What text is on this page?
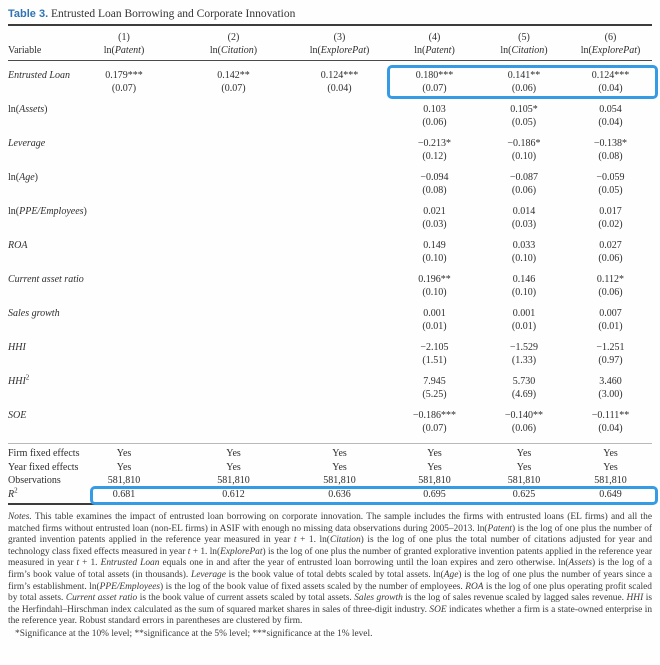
Table 3. Entrusted Loan Borrowing and Corporate Innovation
	(1)	(2)	(3)	(4)	(5)	(6)
Variable	ln(Patent)	ln(Citation)	ln(ExplorePat)	ln(Patent)	ln(Citation)	ln(ExplorePat)
Entrusted Loan	0.179***	0.142**	0.124***	0.180***	0.141**	0.124***
	(0.07)	(0.07)	(0.04)	(0.07)	(0.06)	(0.04)
ln(Assets)				0.103	0.105*	0.054
				(0.06)	(0.05)	(0.04)
Leverage				−0.213*	−0.186*	−0.138*
				(0.12)	(0.10)	(0.08)
ln(Age)				−0.094	−0.087	−0.059
				(0.08)	(0.06)	(0.05)
ln(PPE/Employees)				0.021	0.014	0.017
				(0.03)	(0.03)	(0.02)
ROA				0.149	0.033	0.027
				(0.10)	(0.10)	(0.06)
Current asset ratio				0.196**	0.146	0.112*
				(0.10)	(0.10)	(0.06)
Sales growth				0.001	0.001	0.007
				(0.01)	(0.01)	(0.01)
HHI				−2.105	−1.529	−1.251
				(1.51)	(1.33)	(0.97)
HHI$^2$				7.945	5.730	3.460
				(5.25)	(4.69)	(3.00)
SOE				−0.186***	−0.140**	−0.111**
				(0.07)	(0.06)	(0.04)
Firm fixed effects	Yes	Yes	Yes	Yes	Yes	Yes
Year fixed effects	Yes	Yes	Yes	Yes	Yes	Yes
Observations	581,810	581,810	581,810	581,810	581,810	581,810
$R^2$	0.681	0.612	0.636	0.695	0.625	0.649
Notes. This table examines the impact of entrusted loan borrowing on corporate innovation. The sample includes the firms with entrusted loans (EL firms) and all the matched firms without entrusted loan (non-EL firms) in ASIF with enough no missing data observations during 2005–2013. ln(Patent) is the log of one plus the number of granted invention patents applied in the reference year measured in year t + 1. ln(Citation) is the log of one plus the total number of citations adjusted for year and technology class fixed effects measured in year t + 1. ln(ExplorePat) is the log of one plus the number of granted explorative invention patents applied in the reference year measured in year t + 1. Entrusted Loan equals one in and after the year of entrusted loan borrowing until the loan expires and zero otherwise. ln(Assets) is the log of a firm’s book value of total assets (in thousands). Leverage is the book value of total debts scaled by total assets. ln(Age) is the log of one plus the number of years since a firm’s establishment. ln(PPE/Employees) is the log of the book value of fixed assets scaled by the number of employees. ROA is the log of one plus operating profit scaled by total assets. Current asset ratio is the book value of current assets scaled by total assets. Sales growth is the log of sales revenue scaled by lagged sales revenue. HHI is the Herfindahl–Hirschman index calculated as the sum of squared market shares in sales of three-digit industry. SOE indicates whether a firm is a state-owned enterprise in the reference year. Robust standard errors in parentheses are clustered by firm.
*Significance at the 10% level; **significance at the 5% level; ***significance at the 1% level.
